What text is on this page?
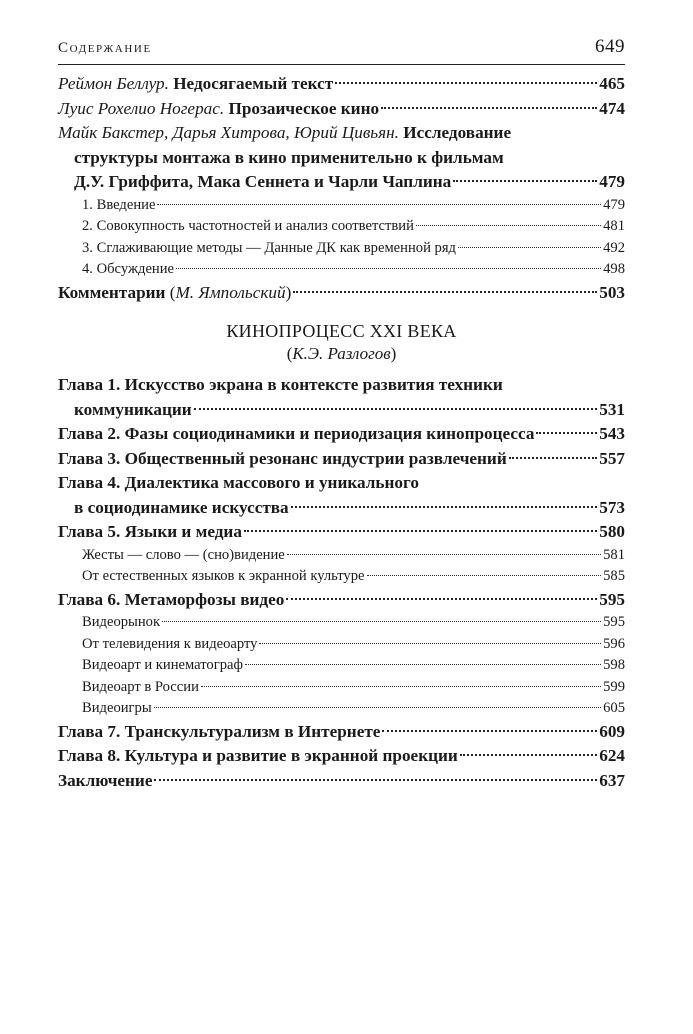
Содержание	649
Реймон Беллур. Недосягаемый текст	465
Луис Рохелио Ногерас. Прозаическое кино	474
Майк Бакстер, Дарья Хитрова, Юрий Цивьян. Исследование
структуры монтажа в кино применительно к фильмам
Д.У. Гриффита, Мака Сеннета и Чарли Чаплина	479
1. Введение	479
2. Совокупность частотностей и анализ соответствий	481
3. Сглаживающие методы — Данные ДК как временной ряд	492
4. Обсуждение	498
Комментарии (М. Ямпольский)	503
КИНОПРОЦЕСС XXI ВЕКА
(К.Э. Разлогов)
Глава 1. Искусство экрана в контексте развития техники
коммуникации	531
Глава 2. Фазы социодинамики и периодизация кинопроцесса	543
Глава 3. Общественный резонанс индустрии развлечений	557
Глава 4. Диалектика массового и уникального
в социодинамике искусства	573
Глава 5. Языки и медиа	580
Жесты — слово — (сно)видение	581
От естественных языков к экранной культуре	585
Глава 6. Метаморфозы видео	595
Видеорынок	595
От телевидения к видеоарту	596
Видеоарт и кинематограф	598
Видеоарт в России	599
Видеоигры	605
Глава 7. Транскультурализм в Интернете	609
Глава 8. Культура и развитие в экранной проекции	624
Заключение	637
